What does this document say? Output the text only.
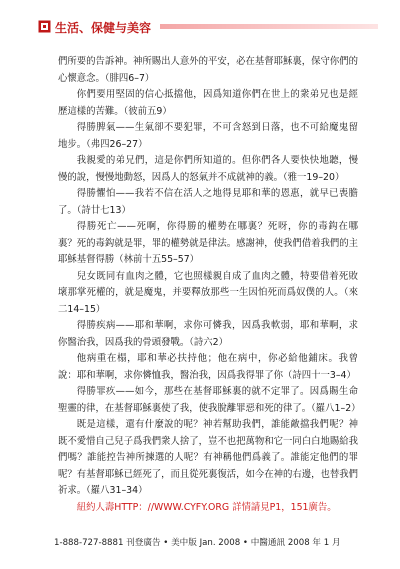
生活、保健与美容

們所要的告訴神。神所賜出人意外的平安，必在基督耶穌裏，保守你們的心懷意念。（腓四6–7）

你們要用堅固的信心抵擋他，因爲知道你們在世上的衆弟兄也是經歷這樣的苦難。（彼前五9）

得勝脾氣——生氣卻不要犯罪，不可含怒到日落，也不可給魔鬼留地步。（弗四26–27）

我親愛的弟兄們，這是你們所知道的。但你們各人要快快地聽，慢慢的說，慢慢地動怒，因爲人的怒氣并不成就神的義。（雅一19–20）

得勝懼怕——我若不信在活人之地得見耶和華的恩惠，就早已喪膽了。（詩廿七13）

得勝死亡——死啊，你得勝的權勢在哪裏？死呀，你的毒鈎在哪裏？死的毒鈎就是罪，罪的權勢就是律法。感謝神，使我們借着我們的主耶穌基督得勝（林前十五55–57）

兒女既同有血肉之體，它也照樣親自成了血肉之體，特要借着死敗壞那掌死權的，就是魔鬼，并要釋放那些一生因怕死而爲奴僕的人。（來二14–15）

得勝疾病——耶和華啊，求你可憐我，因爲我軟弱，耶和華啊，求你醫治我，因爲我的骨頭發戰。（詩六2）

他病重在榻，耶和華必扶持他；他在病中，你必給他鋪床。我曾說：耶和華啊，求你憐恤我，醫治我，因爲我得罪了你（詩四十一3–4）

得勝罪疚——如今，那些在基督耶穌裏的就不定罪了。因爲賜生命聖靈的律，在基督耶穌裏使了我，使我脫離罪惡和死的律了。（羅八1–2）

既是這樣，還有什麼說的呢？神若幫助我們，誰能敵擋我們呢？神既不愛惜自己兒子爲我們衆人捨了，豈不也把萬物和它一同白白地賜給我們嗎？誰能控告神所揀選的人呢？有神稱他們爲義了。誰能定他們的罪呢？有基督耶穌已經死了，而且從死裏復活，如今在神的右邊，也替我們祈求。（羅八31–34）

紐約人壽HTTP：//WWW.CYFY.ORG 詳情請見P1，151廣告。

1-888-727-8881 刊登廣告 • 美中版 Jan. 2008 • 中醫通訊 2008 年 1 月
